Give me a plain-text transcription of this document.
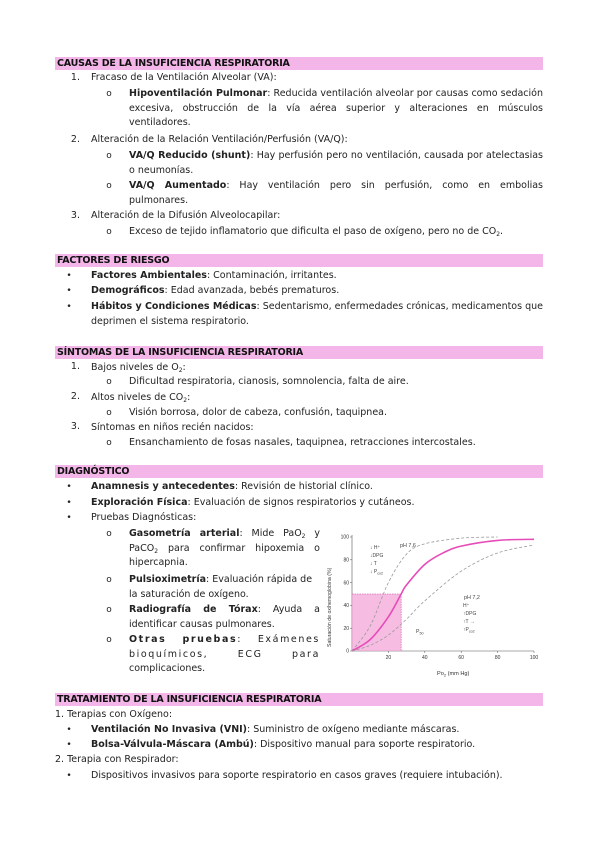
CAUSAS DE LA INSUFICIENCIA RESPIRATORIA
1. Fracaso de la Ventilación Alveolar (VA):
o Hipoventilación Pulmonar: Reducida ventilación alveolar por causas como sedación excesiva, obstrucción de la vía aérea superior y alteraciones en músculos ventiladores.
2. Alteración de la Relación Ventilación/Perfusión (VA/Q):
o VA/Q Reducido (shunt): Hay perfusión pero no ventilación, causada por atelectasias o neumonías.
o VA/Q Aumentado: Hay ventilación pero sin perfusión, como en embolias pulmonares.
3. Alteración de la Difusión Alveolocapilar:
o Exceso de tejido inflamatorio que dificulta el paso de oxígeno, pero no de $CO_2$.
FACTORES DE RIESGO
• Factores Ambientales: Contaminación, irritantes.
• Demográficos: Edad avanzada, bebés prematuros.
• Hábitos y Condiciones Médicas: Sedentarismo, enfermedades crónicas, medicamentos que deprimen el sistema respiratorio.
SÍNTOMAS DE LA INSUFICIENCIA RESPIRATORIA
1. Bajos niveles de $O_2$:
o Dificultad respiratoria, cianosis, somnolencia, falta de aire.
2. Altos niveles de $CO_2$:
o Visión borrosa, dolor de cabeza, confusión, taquipnea.
3. Síntomas en niños recién nacidos:
o Ensanchamiento de fosas nasales, taquipnea, retracciones intercostales.
DIAGNÓSTICO
• Anamnesis y antecedentes: Revisión de historial clínico.
• Exploración Física: Evaluación de signos respiratorios y cutáneos.
• Pruebas Diagnósticas:
o Gasometría arterial: Mide PaO$_2$ y
PaCO$_2$ para confirmar hipoxemia o
hipercapnia.
o Pulsioximetría: Evaluación rápida de
la saturación de oxígeno.
o Radiografía de Tórax: Ayuda a
identificar causas pulmonares.
o Otras pruebas: Exámenes
bioquímicos, ECG para
complicaciones.
100
80
60
40
20
0
20	40	60	80	100
Saturación de oxihemoglobina (%)
$Po_2$ (mm Hg)
pH 7,6
pH 7,2
$P_{50}$
↓ H⁺
↓DPG
↓ T
↓ $P_{co2}$
H⁺
↑DPG
↑T →
$↑P_{co2}$
TRATAMIENTO DE LA INSUFICIENCIA RESPIRATORIA
1. Terapias con Oxígeno:
• Ventilación No Invasiva (VNI): Suministro de oxígeno mediante máscaras.
• Bolsa-Válvula-Máscara (Ambú): Dispositivo manual para soporte respiratorio.
2. Terapia con Respirador:
• Dispositivos invasivos para soporte respiratorio en casos graves (requiere intubación).
